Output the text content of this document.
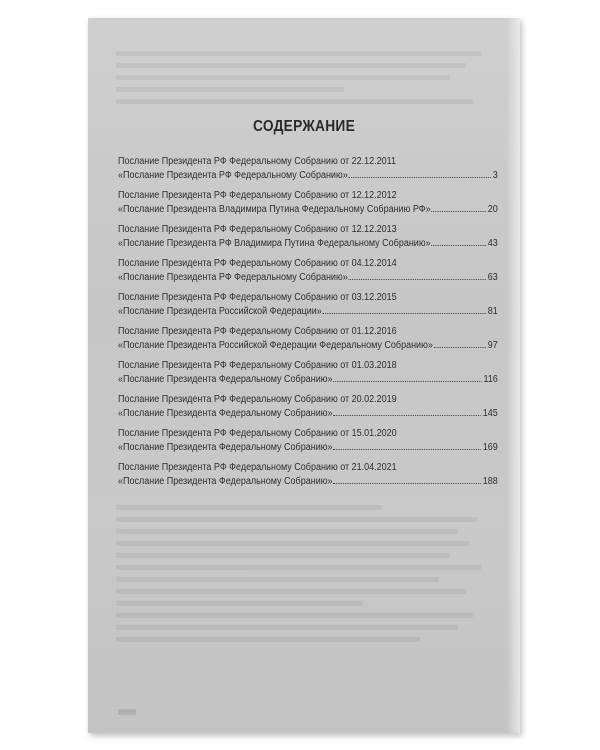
СОДЕРЖАНИЕ
Послание Президента РФ Федеральному Собранию от 22.12.2011
«Послание Президента РФ Федеральному Собранию»	3
Послание Президента РФ Федеральному Собранию от 12.12.2012
«Послание Президента Владимира Путина Федеральному Собранию РФ»	20
Послание Президента РФ Федеральному Собранию от 12.12.2013
«Послание Президента РФ Владимира Путина Федеральному Собранию»	43
Послание Президента РФ Федеральному Собранию от 04.12.2014
«Послание Президента РФ Федеральному Собранию»	63
Послание Президента РФ Федеральному Собранию от 03.12.2015
«Послание Президента Российской Федерации»	81
Послание Президента РФ Федеральному Собранию от 01.12.2016
«Послание Президента Российской Федерации Федеральному Собранию»	97
Послание Президента РФ Федеральному Собранию от 01.03.2018
«Послание Президента Федеральному Собранию»	116
Послание Президента РФ Федеральному Собранию от 20.02.2019
«Послание Президента Федеральному Собранию»	145
Послание Президента РФ Федеральному Собранию от 15.01.2020
«Послание Президента Федеральному Собранию»	169
Послание Президента РФ Федеральному Собранию от 21.04.2021
«Послание Президента Федеральному Собранию»	188
